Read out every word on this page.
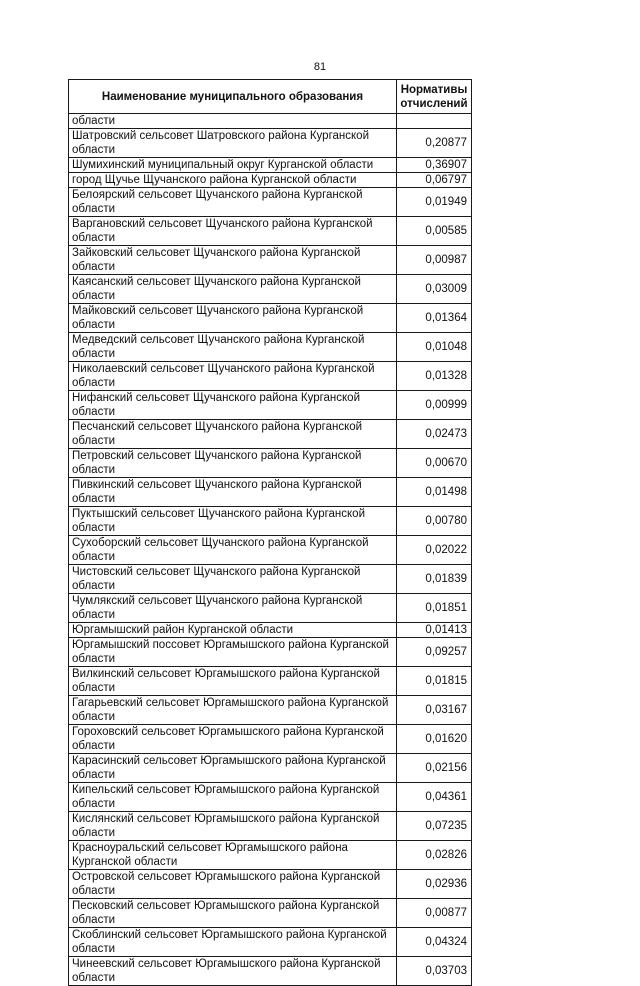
81
Наименование муниципального образования	Нормативы отчислений
области	
Шатровский сельсовет Шатровского района Курганской области	0,20877
Шумихинский муниципальный округ Курганской области	0,36907
город Щучье Щучанского района Курганской области	0,06797
Белоярский сельсовет Щучанского района Курганской области	0,01949
Варгановский сельсовет Щучанского района Курганской области	0,00585
Зайковский сельсовет Щучанского района Курганской области	0,00987
Каясанский сельсовет Щучанского района Курганской области	0,03009
Майковский сельсовет Щучанского района Курганской области	0,01364
Медведский сельсовет Щучанского района Курганской области	0,01048
Николаевский сельсовет Щучанского района Курганской области	0,01328
Нифанский сельсовет Щучанского района Курганской области	0,00999
Песчанский сельсовет Щучанского района Курганской области	0,02473
Петровский сельсовет Щучанского района Курганской области	0,00670
Пивкинский сельсовет Щучанского района Курганской области	0,01498
Пуктышский сельсовет Щучанского района Курганской области	0,00780
Сухоборский сельсовет Щучанского района Курганской области	0,02022
Чистовский сельсовет Щучанского района Курганской области	0,01839
Чумлякский сельсовет Щучанского района Курганской области	0,01851
Юргамышский район Курганской области	0,01413
Юргамышский поссовет Юргамышского района Курганской области	0,09257
Вилкинский сельсовет Юргамышского района Курганской области	0,01815
Гагарьевский сельсовет Юргамышского района Курганской области	0,03167
Гороховский сельсовет Юргамышского района Курганской области	0,01620
Карасинский сельсовет Юргамышского района Курганской области	0,02156
Кипельский сельсовет Юргамышского района Курганской области	0,04361
Кислянский сельсовет Юргамышского района Курганской области	0,07235
Красноуральский сельсовет Юргамышского района Курганской области	0,02826
Островской сельсовет Юргамышского района Курганской области	0,02936
Песковский сельсовет Юргамышского района Курганской области	0,00877
Скоблинский сельсовет Юргамышского района Курганской области	0,04324
Чинеевский сельсовет Юргамышского района Курганской области	0,03703
